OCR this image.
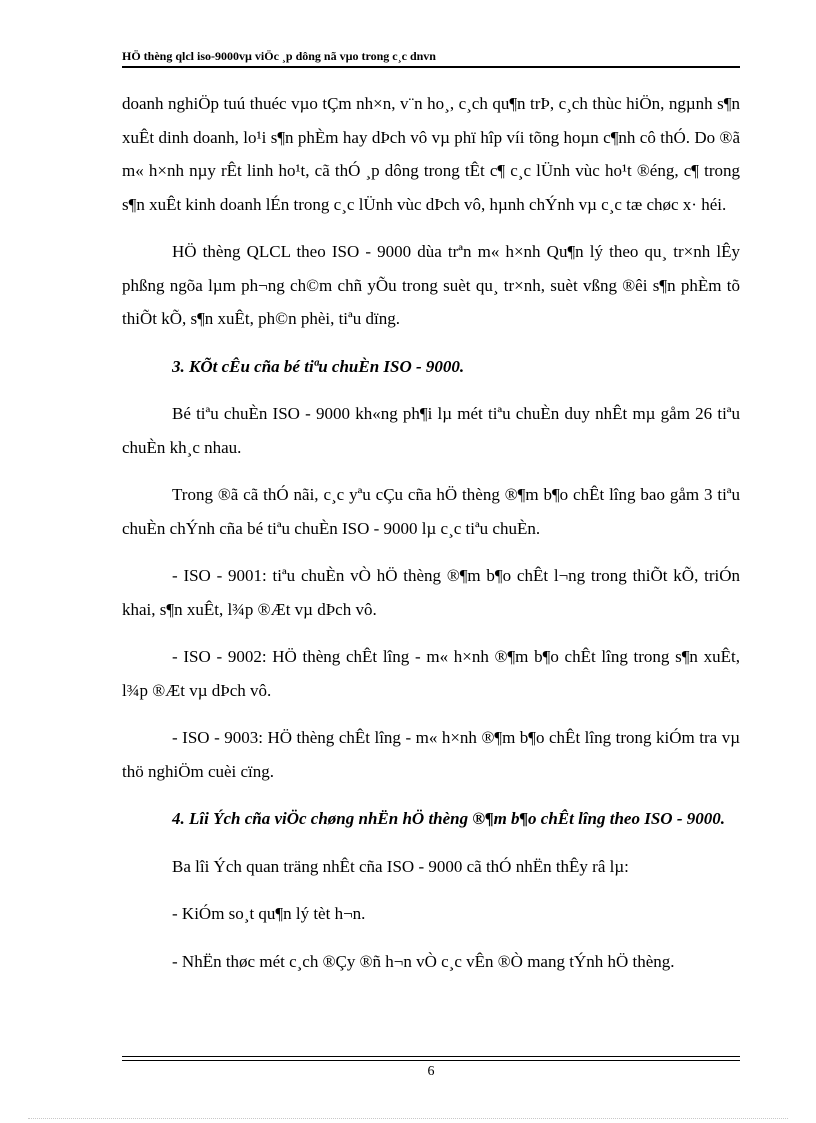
HÖ thèng qlcl iso-9000vµ viÖc ¸p dông nã vµo trong c¸c dnvn

doanh nghiÖp tuú thuéc vµo tÇm nh×n, v¨n ho¸, c¸ch qu¶n trÞ, c¸ch thùc hiÖn, ngµnh s¶n xuÊt dinh doanh, lo¹i s¶n phÈm hay dÞch vô vµ phï hîp víi tõng hoµn c¶nh cô thÓ. Do ®ã m« h×nh nµy rÊt linh ho¹t, cã thÓ ¸p dông trong tÊt c¶ c¸c lÜnh vùc ho¹t ®éng, c¶ trong s¶n xuÊt kinh doanh lÉn trong c¸c lÜnh vùc dÞch vô, hµnh chÝnh vµ c¸c tæ chøc x· héi.

HÖ thèng QLCL theo ISO - 9000 dùa trªn m« h×nh Qu¶n lý theo qu¸ tr×nh lÊy phßng ngõa lµm ph¬ng ch©m chñ yÕu trong suèt qu¸ tr×nh, suèt vßng ®êi s¶n phÈm tõ thiÕt kÕ, s¶n xuÊt, ph©n phèi, tiªu dïng.

3. KÕt cÊu cña bé tiªu chuÈn ISO - 9000.

Bé tiªu chuÈn ISO - 9000 kh«ng ph¶i lµ mét tiªu chuÈn duy nhÊt mµ gåm 26 tiªu chuÈn kh¸c nhau.

Trong ®ã cã thÓ nãi, c¸c yªu cÇu cña hÖ thèng ®¶m b¶o chÊt lîng bao gåm 3 tiªu chuÈn chÝnh cña bé tiªu chuÈn ISO - 9000 lµ c¸c tiªu chuÈn.

- ISO - 9001: tiªu chuÈn vÒ hÖ thèng ®¶m b¶o chÊt l¬ng trong thiÕt kÕ, triÓn khai, s¶n xuÊt, l¾p ®Æt vµ dÞch vô.

- ISO - 9002: HÖ thèng chÊt lîng - m« h×nh ®¶m b¶o chÊt lîng trong s¶n xuÊt, l¾p ®Æt vµ dÞch vô.

- ISO - 9003: HÖ thèng chÊt lîng - m« h×nh ®¶m b¶o chÊt lîng trong kiÓm tra vµ thö nghiÖm cuèi cïng.

4. Lîi Ých cña viÖc chøng nhËn hÖ thèng ®¶m b¶o chÊt lîng theo ISO - 9000.

Ba lîi Ých quan träng nhÊt cña ISO - 9000 cã thÓ nhËn thÊy râ lµ:

- KiÓm so¸t qu¶n lý tèt h¬n.

- NhËn thøc mét c¸ch ®Çy ®ñ h¬n vÒ c¸c vÊn ®Ò mang tÝnh hÖ thèng.

6
